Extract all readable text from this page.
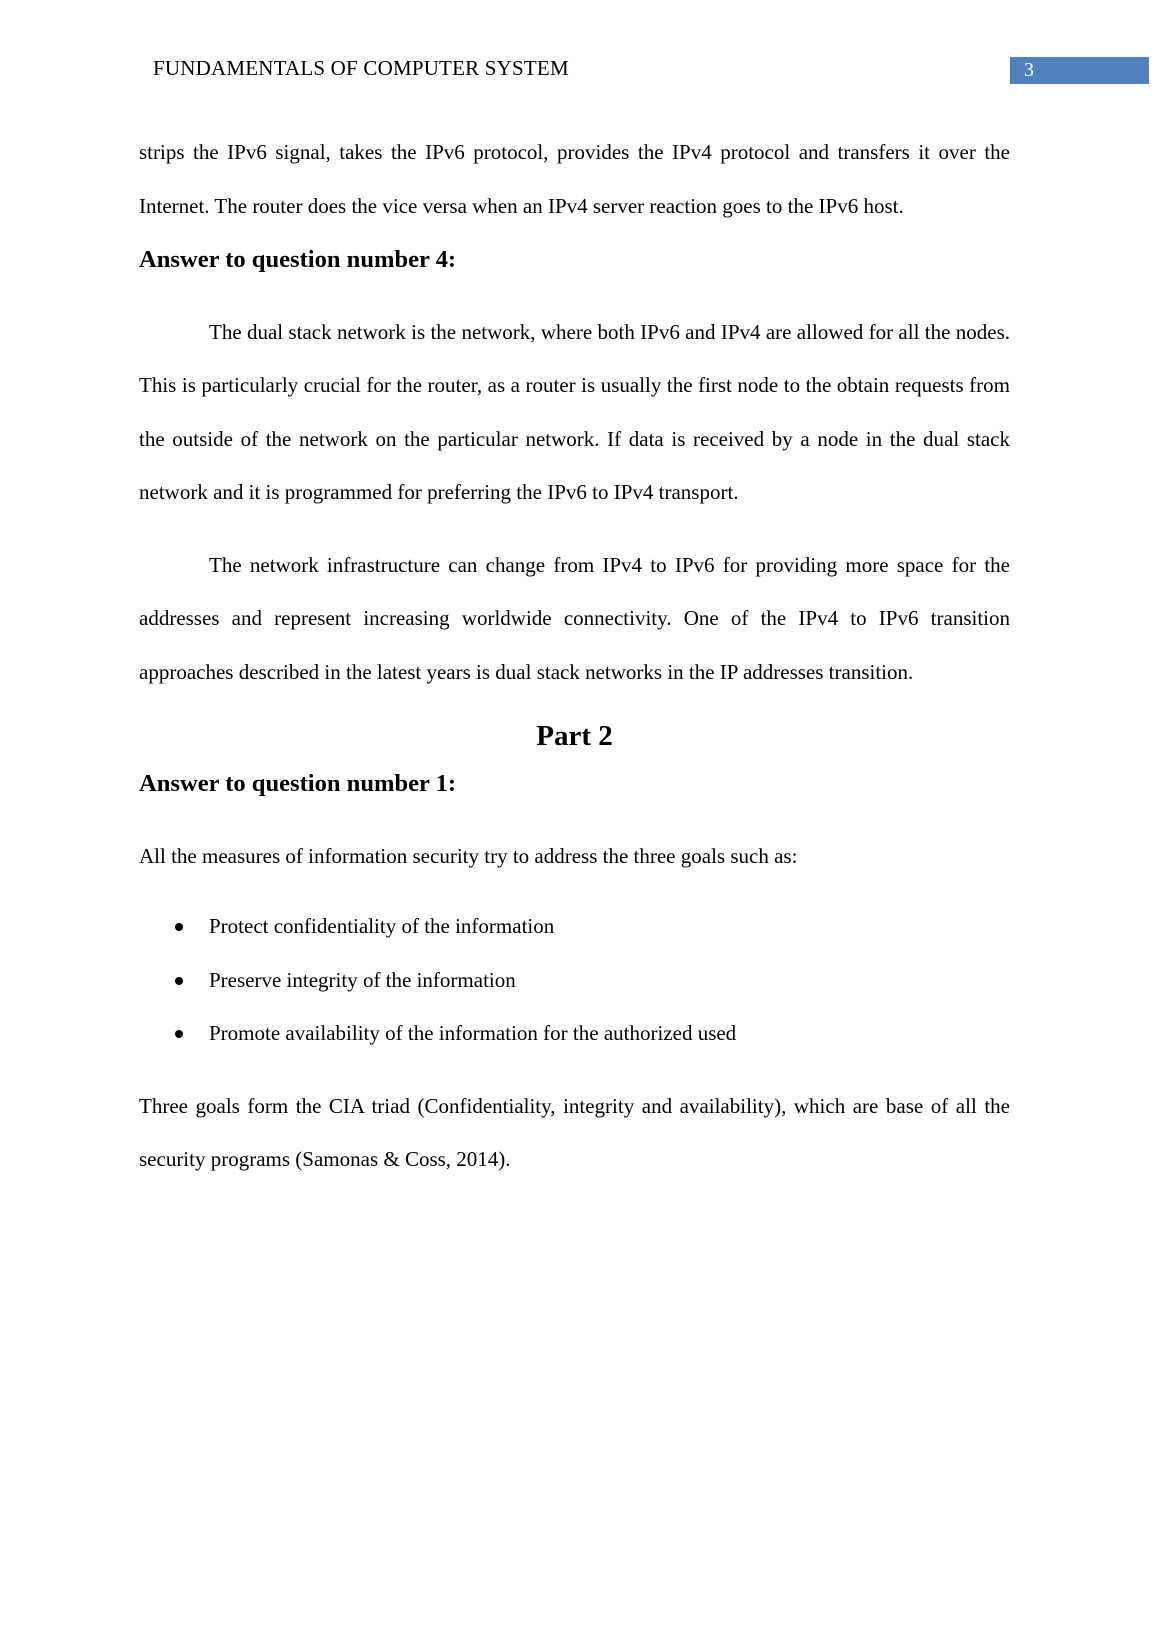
FUNDAMENTALS OF COMPUTER SYSTEM	3

strips the IPv6 signal, takes the IPv6 protocol, provides the IPv4 protocol and transfers it over the Internet. The router does the vice versa when an IPv4 server reaction goes to the IPv6 host.

Answer to question number 4:

The dual stack network is the network, where both IPv6 and IPv4 are allowed for all the nodes. This is particularly crucial for the router, as a router is usually the first node to the obtain requests from the outside of the network on the particular network. If data is received by a node in the dual stack network and it is programmed for preferring the IPv6 to IPv4 transport.

The network infrastructure can change from IPv4 to IPv6 for providing more space for the addresses and represent increasing worldwide connectivity. One of the IPv4 to IPv6 transition approaches described in the latest years is dual stack networks in the IP addresses transition.

Part 2
Answer to question number 1:

All the measures of information security try to address the three goals such as:

Protect confidentiality of the information
Preserve integrity of the information
Promote availability of the information for the authorized used

Three goals form the CIA triad (Confidentiality, integrity and availability), which are base of all the security programs (Samonas & Coss, 2014).
